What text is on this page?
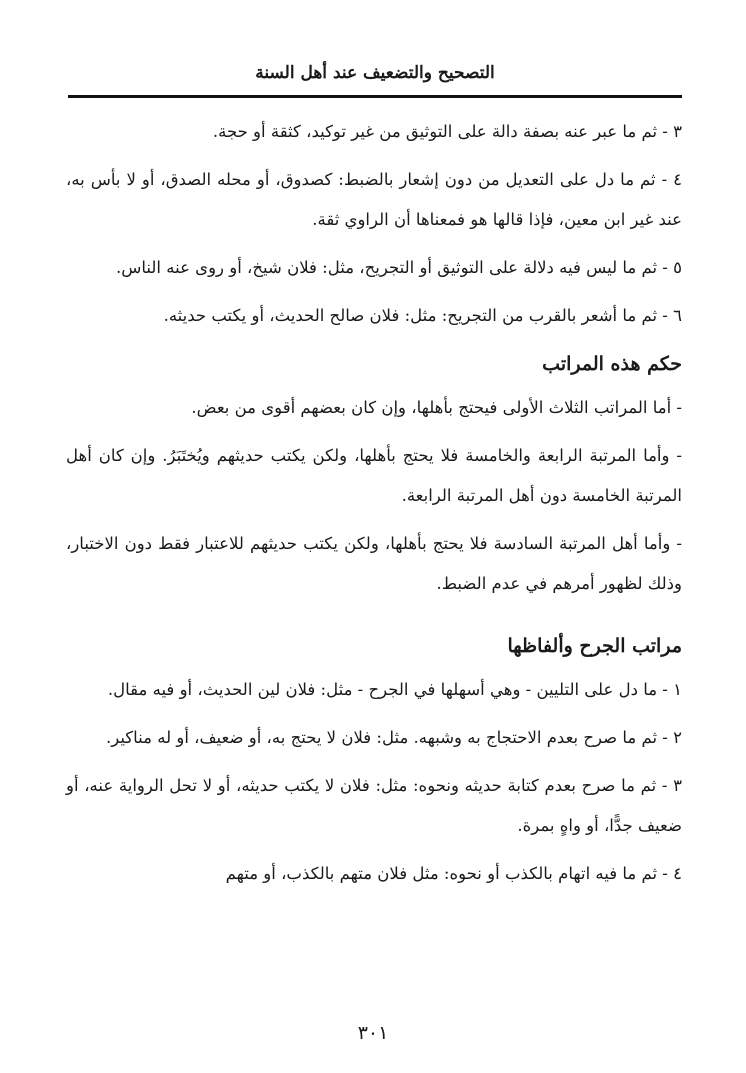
التصحيح والتضعيف عند أهل السنة

٣ - ثم ما عبر عنه بصفة دالة على التوثيق من غير توكيد، كثقة أو حجة.

٤ - ثم ما دل على التعديل من دون إشعار بالضبط: كصدوق، أو محله الصدق، أو لا بأس به، عند غير ابن معين، فإذا قالها هو فمعناها أن الراوي ثقة.

٥ - ثم ما ليس فيه دلالة على التوثيق أو التجريح، مثل: فلان شيخ، أو روى عنه الناس.

٦ - ثم ما أشعر بالقرب من التجريح: مثل: فلان صالح الحديث، أو يكتب حديثه.

حكم هذه المراتب

- أما المراتب الثلاث الأولى فيحتج بأهلها، وإن كان بعضهم أقوى من بعض.

- وأما المرتبة الرابعة والخامسة فلا يحتج بأهلها، ولكن يكتب حديثهم ويُختَبَرُ. وإن كان أهل المرتبة الخامسة دون أهل المرتبة الرابعة.

- وأما أهل المرتبة السادسة فلا يحتج بأهلها، ولكن يكتب حديثهم للاعتبار فقط دون الاختبار، وذلك لظهور أمرهم في عدم الضبط.

مراتب الجرح وألفاظها

١ - ما دل على التليين - وهي أسهلها في الجرح - مثل: فلان لين الحديث، أو فيه مقال.

٢ - ثم ما صرح بعدم الاحتجاج به وشبهه. مثل: فلان لا يحتج به، أو ضعيف، أو له مناكير.

٣ - ثم ما صرح بعدم كتابة حديثه ونحوه: مثل: فلان لا يكتب حديثه، أو لا تحل الرواية عنه، أو ضعيف جدًّا، أو واهٍ بمرة.

٤ - ثم ما فيه اتهام بالكذب أو نحوه: مثل فلان متهم بالكذب، أو متهم

٣٠١
